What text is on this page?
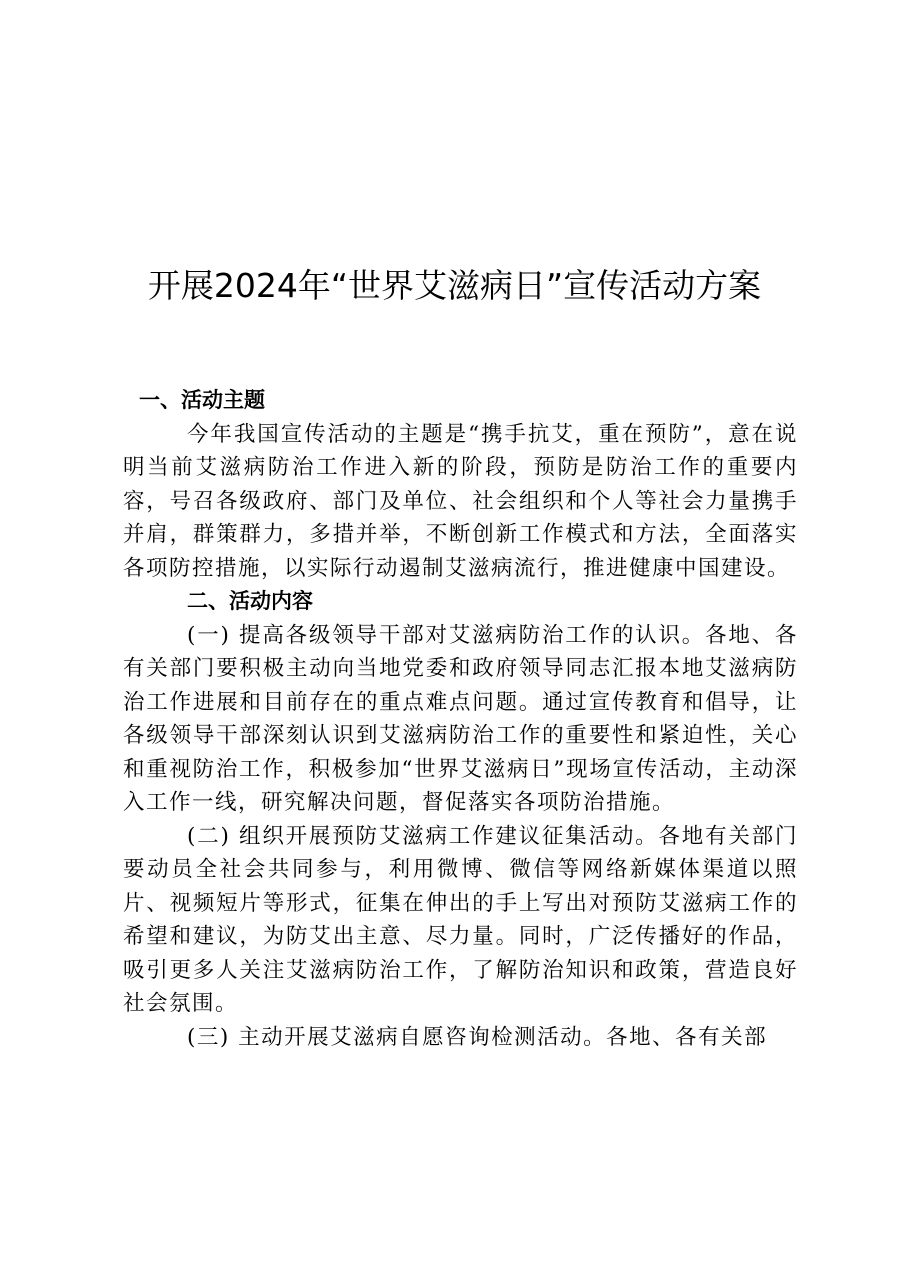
开展2024年“世界艾滋病日”宣传活动方案

一、活动主题

今年我国宣传活动的主题是“携手抗艾，重在预防”，意在说明当前艾滋病防治工作进入新的阶段，预防是防治工作的重要内容，号召各级政府、部门及单位、社会组织和个人等社会力量携手并肩，群策群力，多措并举，不断创新工作模式和方法，全面落实各项防控措施，以实际行动遏制艾滋病流行，推进健康中国建设。

二、活动内容

(一) 提高各级领导干部对艾滋病防治工作的认识。各地、各有关部门要积极主动向当地党委和政府领导同志汇报本地艾滋病防治工作进展和目前存在的重点难点问题。通过宣传教育和倡导，让各级领导干部深刻认识到艾滋病防治工作的重要性和紧迫性，关心和重视防治工作，积极参加“世界艾滋病日”现场宣传活动，主动深入工作一线，研究解决问题，督促落实各项防治措施。

(二) 组织开展预防艾滋病工作建议征集活动。各地有关部门要动员全社会共同参与，利用微博、微信等网络新媒体渠道以照片、视频短片等形式，征集在伸出的手上写出对预防艾滋病工作的希望和建议，为防艾出主意、尽力量。同时，广泛传播好的作品，吸引更多人关注艾滋病防治工作，了解防治知识和政策，营造良好社会氛围。

(三) 主动开展艾滋病自愿咨询检测活动。各地、各有关部
